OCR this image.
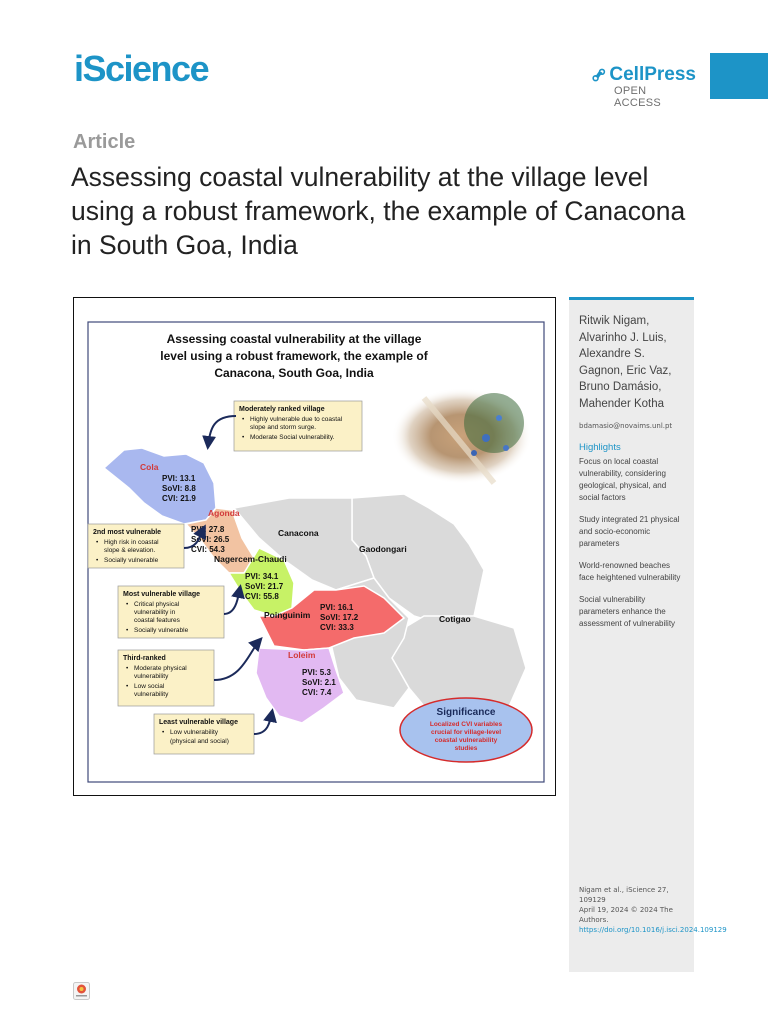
iScience	CellPress
OPEN ACCESS
Article
Assessing coastal vulnerability at the village level using a robust framework, the example of Canacona in South Goa, India
Assessing coastal vulnerability at the village
level using a robust framework, the example of
Canacona, South Goa, India
Cola
Agonda
Nagercem-Chaudi
Poinguinim
Loleim
Canacona
Gaodongari
Cotigao
PVI: 13.1
SoVI: 8.8
CVI: 21.9
PVI: 27.8
SoVI: 26.5
CVI: 54.3
PVI: 34.1
SoVI: 21.7
CVI: 55.8
PVI: 16.1
SoVI: 17.2
CVI: 33.3
PVI: 5.3
SoVI: 2.1
CVI: 7.4
Moderately ranked village
• Highly vulnerable due to coastal
slope and storm surge.
• Moderate Social vulnerability.
2nd most vulnerable
• High risk in coastal
slope & elevation.
• Socially vulnerable
Most vulnerable village
• Critical physical
vulnerability in
coastal features
• Socially vulnerable
Third-ranked
• Moderate physical
vulnerability
• Low social
vulnerability
Least vulnerable village
• Low vulnerability
(physical and social)
Significance
Localized CVI variables
crucial for village-level
coastal vulnerability
studies
Ritwik Nigam, Alvarinho J. Luis, Alexandre S. Gagnon, Eric Vaz, Bruno Damásio, Mahender Kotha
bdamasio@novaims.unl.pt
Highlights
Focus on local coastal vulnerability, considering geological, physical, and social factors
Study integrated 21 physical and socio-economic parameters
World-renowned beaches face heightened vulnerability
Social vulnerability parameters enhance the assessment of vulnerability
Nigam et al., iScience 27, 109129
April 19, 2024 © 2024 The Authors.
https://doi.org/10.1016/j.isci.2024.109129
